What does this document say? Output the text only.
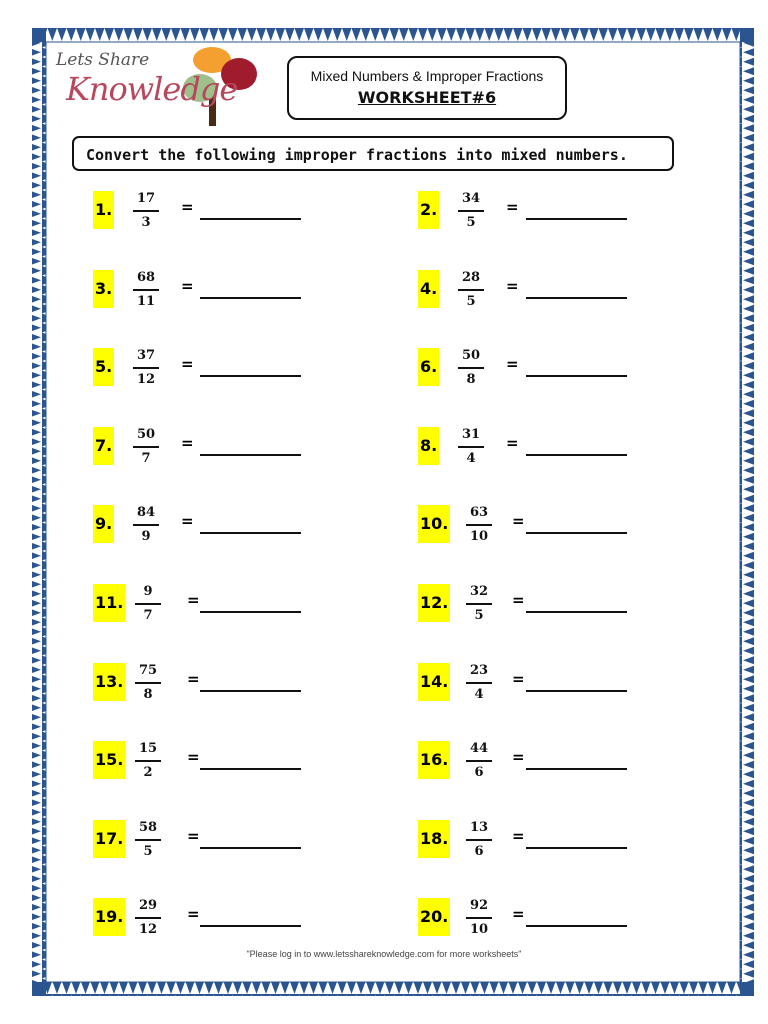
Lets Share
Knowledge	Mixed Numbers & Improper Fractions
WORKSHEET#6
Convert the following improper fractions into mixed numbers.
1. $\frac{17}{3}$ =	2. $\frac{34}{5}$ =
3. $\frac{68}{11}$ =	4. $\frac{28}{5}$ =
5. $\frac{37}{12}$ =	6. $\frac{50}{8}$ =
7. $\frac{50}{7}$ =	8. $\frac{31}{4}$ =
9. $\frac{84}{9}$ =	10. $\frac{63}{10}$ =
11. $\frac{9}{7}$ =	12. $\frac{32}{5}$ =
13. $\frac{75}{8}$ =	14. $\frac{23}{4}$ =
15. $\frac{15}{2}$ =	16. $\frac{44}{6}$ =
17. $\frac{58}{5}$ =	18. $\frac{13}{6}$ =
19. $\frac{29}{12}$ =	20. $\frac{92}{10}$ =
"Please log in to www.letsshareknowledge.com for more worksheets"
